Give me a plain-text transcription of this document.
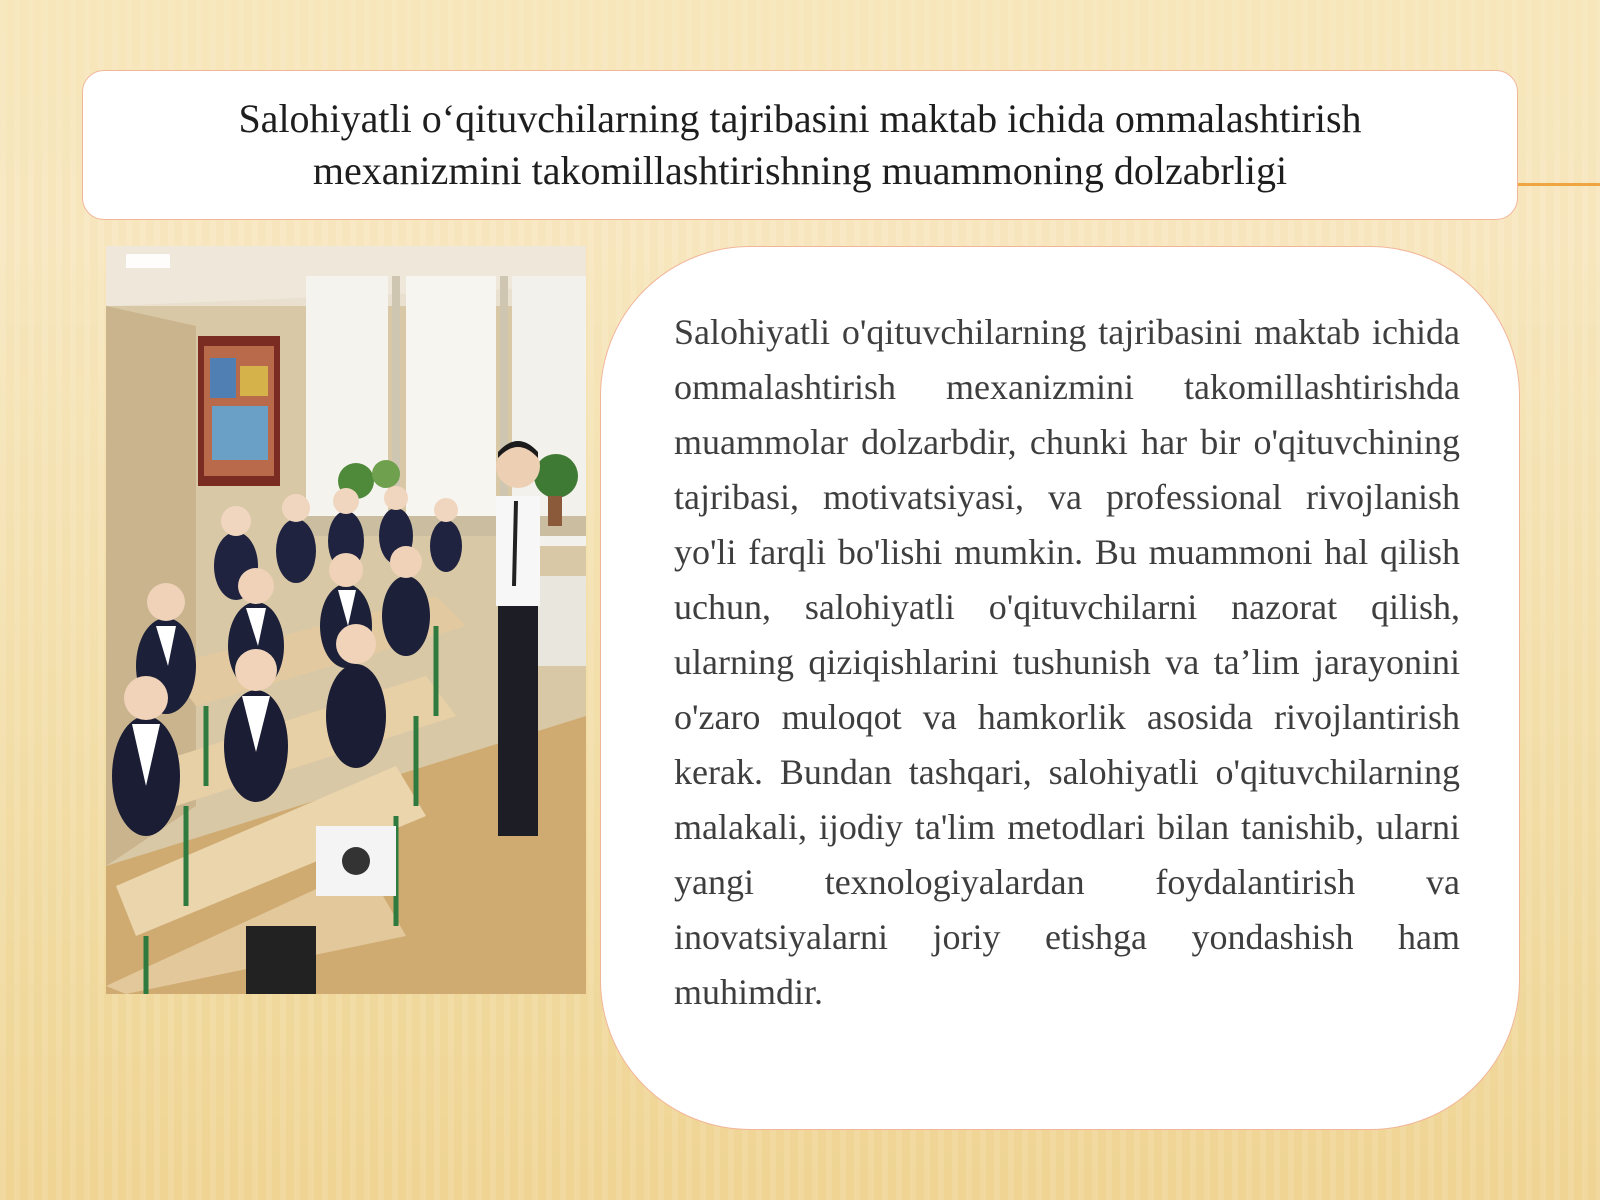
Salohiyatli o‘qituvchilarning tajribasini maktab ichida ommalashtirish
mexanizmini takomillashtirishning muammoning dolzabrligi

Salohiyatli o'qituvchilarning tajribasini maktab ichida ommalashtirish mexanizmini takomillashtirishda muammolar dolzarbdir, chunki har bir o'qituvchining tajribasi, motivatsiyasi, va professional rivojlanish yo'li farqli bo'lishi mumkin. Bu muammoni hal qilish uchun, salohiyatli o'qituvchilarni nazorat qilish, ularning qiziqishlarini tushunish va ta’lim jarayonini o'zaro muloqot va hamkorlik asosida rivojlantirish kerak. Bundan tashqari, salohiyatli o'qituvchilarning malakali, ijodiy ta'lim metodlari bilan tanishib, ularni yangi texnologiyalardan foydalantirish va inovatsiyalarni joriy etishga yondashish ham muhimdir.
